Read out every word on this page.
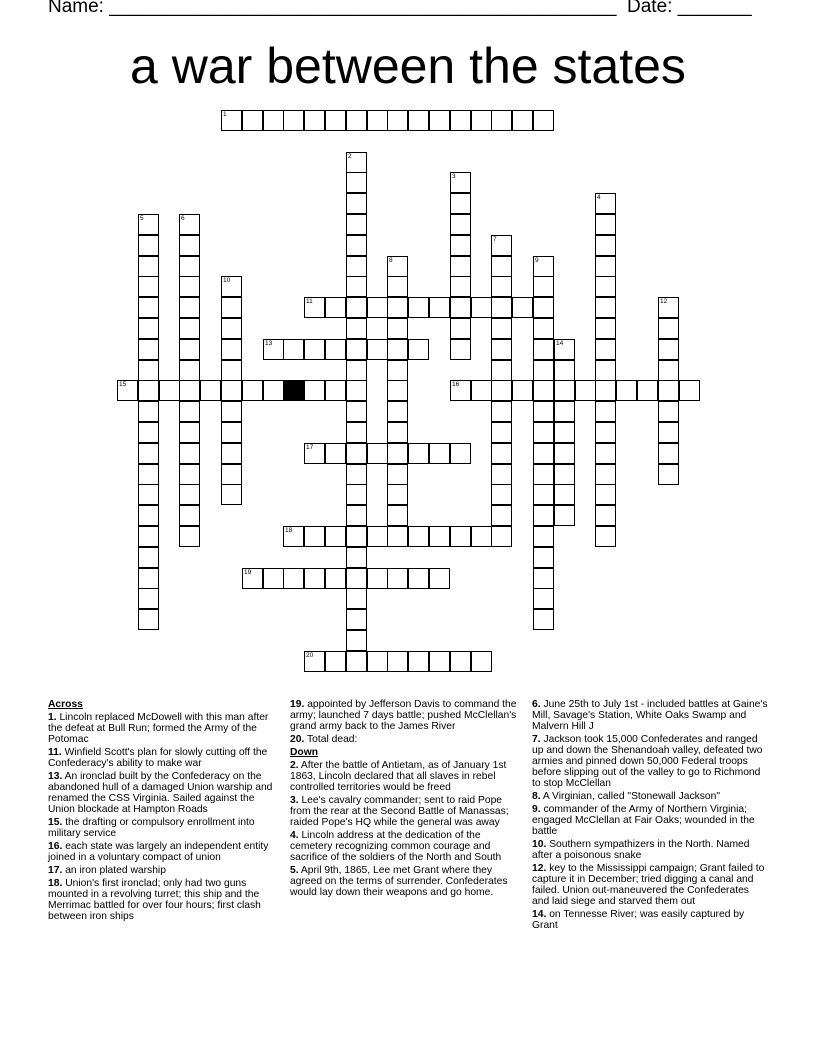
Name: ________________________________________________ Date: _______
a war between the states
1
2
3
4
5	6
7
8	9
10
11	12
13	14
15	16
17
18
19
20
Across
1. Lincoln replaced McDowell with this man after the defeat at Bull Run; formed the Army of the Potomac
11. Winfield Scott's plan for slowly cutting off the Confederacy's ability to make war
13. An ironclad built by the Confederacy on the abandoned hull of a damaged Union warship and renamed the CSS Virginia. Sailed against the Union blockade at Hampton Roads
15. the drafting or compulsory enrollment into military service
16. each state was largely an independent entity joined in a voluntary compact of union
17. an iron plated warship
18. Union's first ironclad; only had two guns mounted in a revolving turret; this ship and the Merrimac battled for over four hours; first clash between iron ships
19. appointed by Jefferson Davis to command the army; launched 7 days battle; pushed McClellan's grand army back to the James River
20. Total dead:
Down
2. After the battle of Antietam, as of January 1st 1863, Lincoln declared that all slaves in rebel controlled territories would be freed
3. Lee's cavalry commander; sent to raid Pope from the rear at the Second Battle of Manassas; raided Pope's HQ while the general was away
4. Lincoln address at the dedication of the cemetery recognizing common courage and sacrifice of the soldiers of the North and South
5. April 9th, 1865, Lee met Grant where they agreed on the terms of surrender. Confederates would lay down their weapons and go home.
6. June 25th to July 1st - included battles at Gaine's Mill, Savage's Station, White Oaks Swamp and Malvern Hill J
7. Jackson took 15,000 Confederates and ranged up and down the Shenandoah valley, defeated two armies and pinned down 50,000 Federal troops before slipping out of the valley to go to Richmond to stop McClellan
8. A Virginian, called "Stonewall Jackson"
9. commander of the Army of Northern Virginia; engaged McClellan at Fair Oaks; wounded in the battle
10. Southern sympathizers in the North. Named after a poisonous snake
12. key to the Mississippi campaign; Grant failed to capture it in December; tried digging a canal and failed. Union out-maneuvered the Confederates and laid siege and starved them out
14. on Tennesse River; was easily captured by Grant
